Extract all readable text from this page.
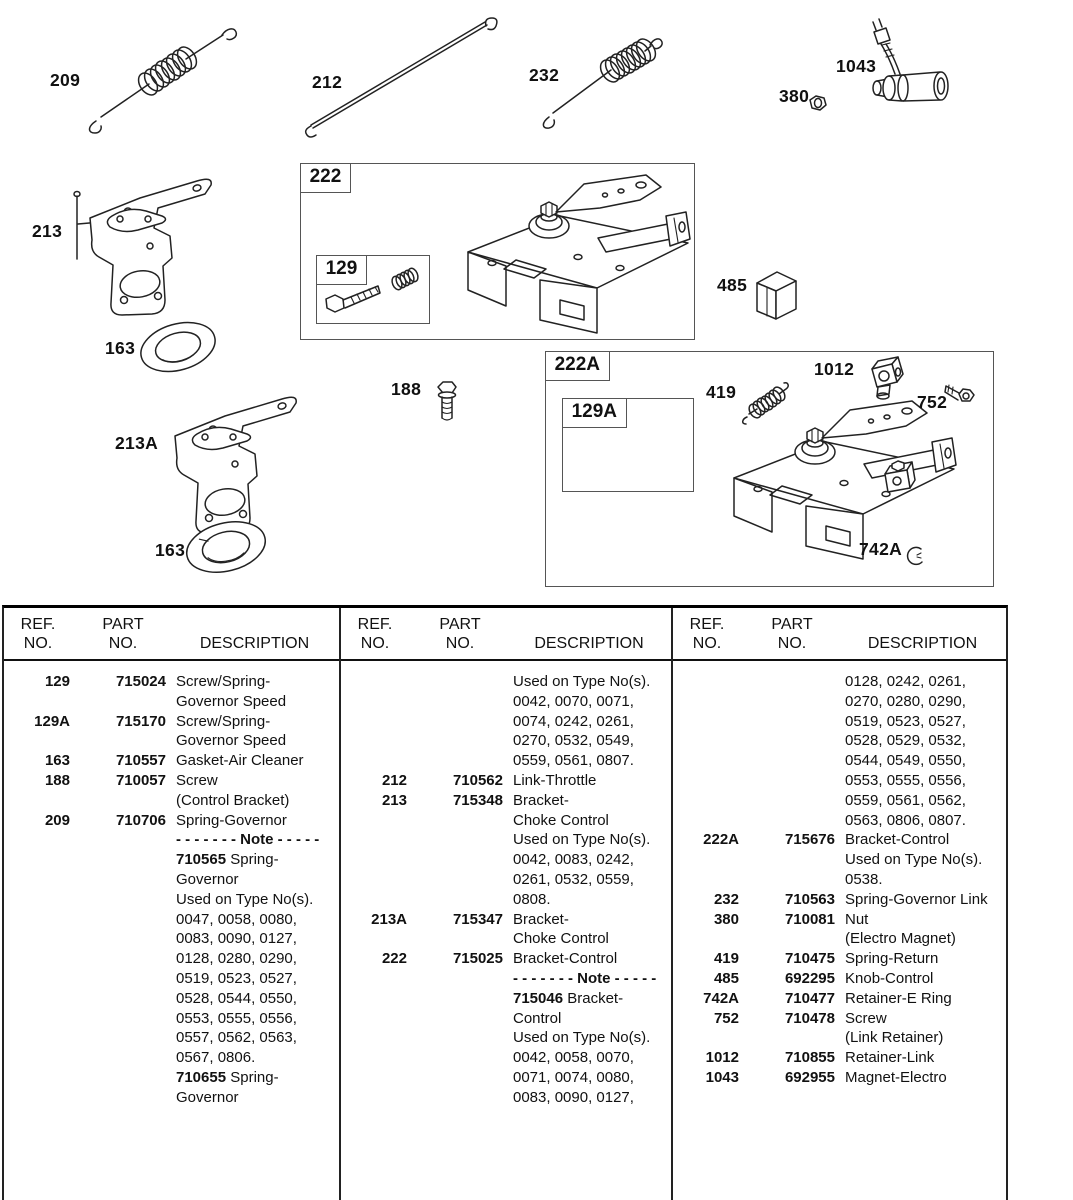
222
222A
129
129A
209	212	232	1043
380
213
485
163
188	419
1012
752
213A
163	742A
REF.
NO.
PART
NO.	DESCRIPTION
129	715024 Screw/Spring-
Governor Speed
129A	715170 Screw/Spring-
Governor Speed
163	710557 Gasket-Air Cleaner
188	710057 Screw
(Control Bracket)
209	710706 Spring-Governor
- - - - - - - Note - - - - -
710565 Spring-
Governor
Used on Type No(s).
0047, 0058, 0080,
0083, 0090, 0127,
0128, 0280, 0290,
0519, 0523, 0527,
0528, 0544, 0550,
0553, 0555, 0556,
0557, 0562, 0563,
0567, 0806.
710655 Spring-
Governor
REF.
NO.
PART
NO.	DESCRIPTION
Used on Type No(s).
0042, 0070, 0071,
0074, 0242, 0261,
0270, 0532, 0549,
0559, 0561, 0807.
212	710562 Link-Throttle
213	715348 Bracket-
Choke Control
Used on Type No(s).
0042, 0083, 0242,
0261, 0532, 0559,
0808.
213A	715347 Bracket-
Choke Control
222	715025 Bracket-Control
- - - - - - - Note - - - - -
715046 Bracket-
Control
Used on Type No(s).
0042, 0058, 0070,
0071, 0074, 0080,
0083, 0090, 0127,
REF.
NO.
PART
NO.	DESCRIPTION
0128, 0242, 0261,
0270, 0280, 0290,
0519, 0523, 0527,
0528, 0529, 0532,
0544, 0549, 0550,
0553, 0555, 0556,
0559, 0561, 0562,
0563, 0806, 0807.
222A	715676 Bracket-Control
Used on Type No(s).
0538.
232	710563 Spring-Governor Link
380	710081 Nut
(Electro Magnet)
419	710475 Spring-Return
485	692295 Knob-Control
742A	710477 Retainer-E Ring
752	710478 Screw
(Link Retainer)
1012	710855 Retainer-Link
1043	692955 Magnet-Electro
